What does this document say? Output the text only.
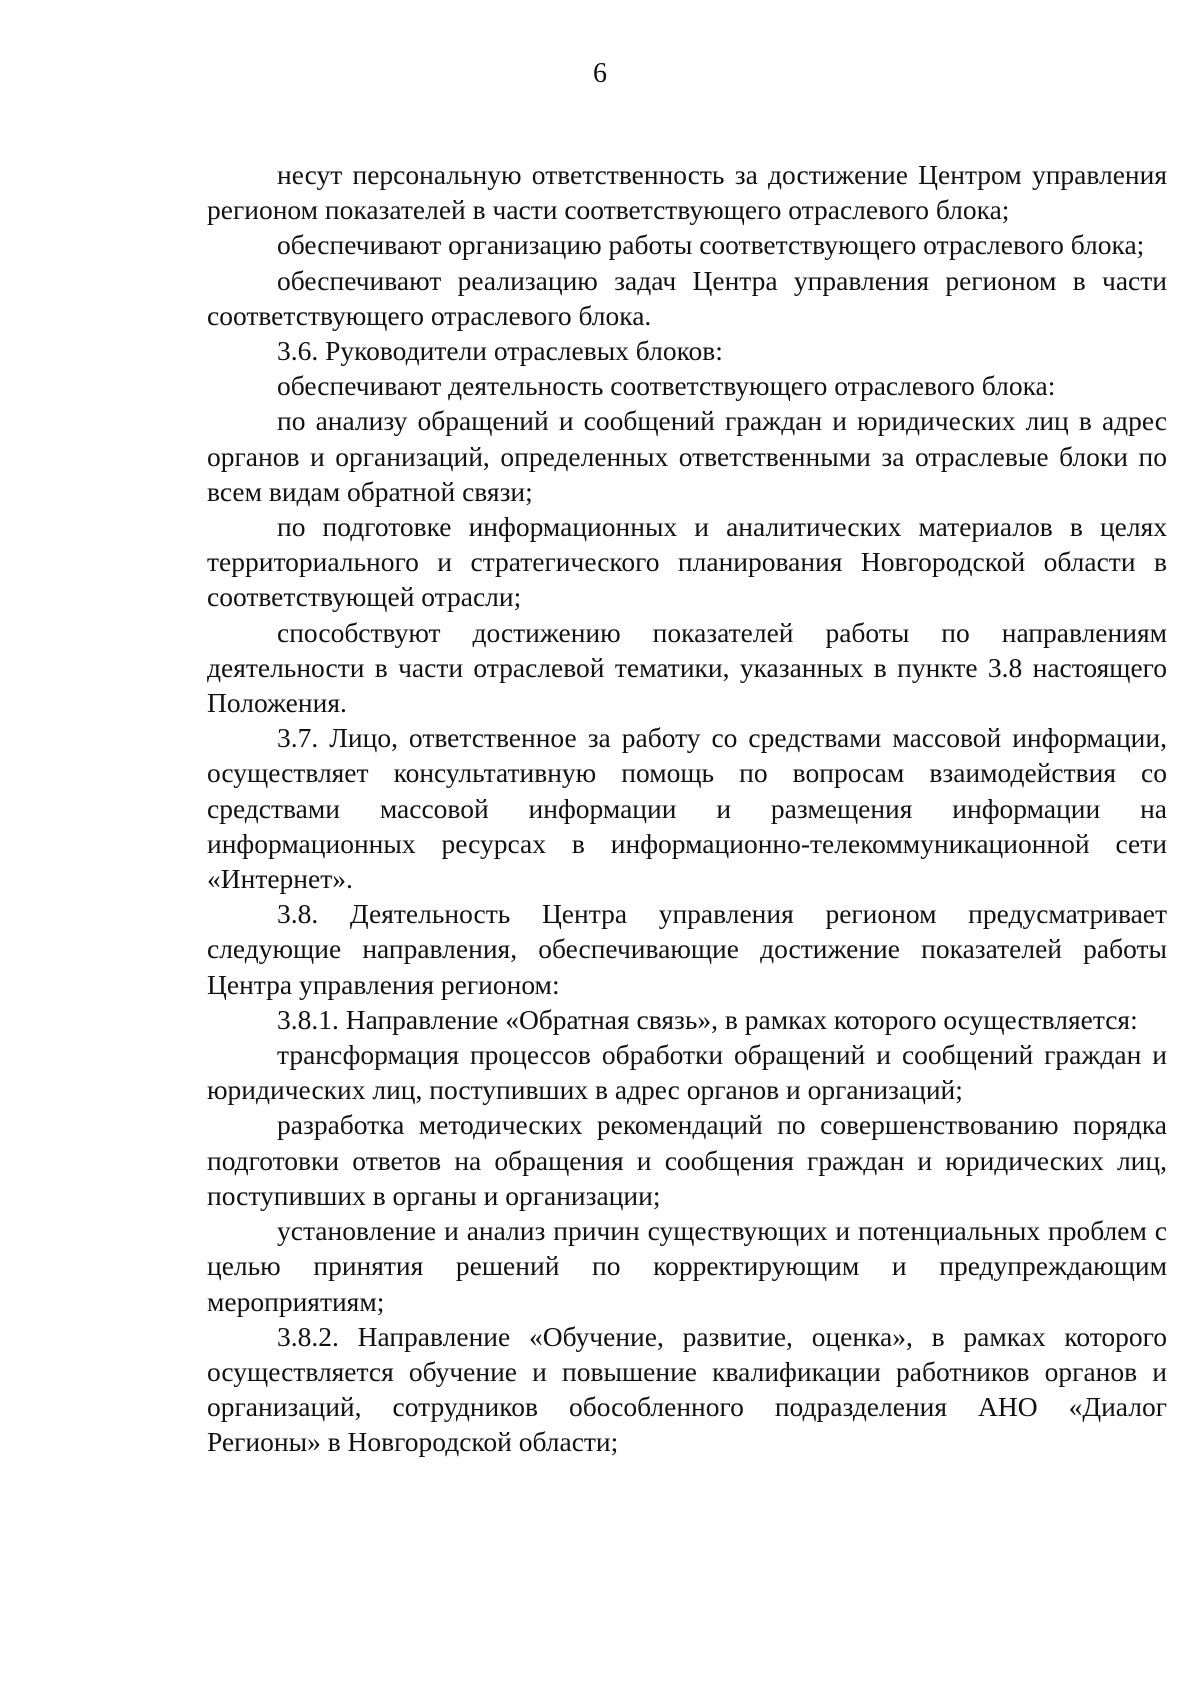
6

несут персональную ответственность за достижение Центром управления регионом показателей в части соответствующего отраслевого блока;

обеспечивают организацию работы соответствующего отраслевого блока;

обеспечивают реализацию задач Центра управления регионом в части соответствующего отраслевого блока.

3.6. Руководители отраслевых блоков:

обеспечивают деятельность соответствующего отраслевого блока:

по анализу обращений и сообщений граждан и юридических лиц в адрес органов и организаций, определенных ответственными за отраслевые блоки по всем видам обратной связи;

по подготовке информационных и аналитических материалов в целях территориального и стратегического планирования Новгородской области в соответствующей отрасли;

способствуют достижению показателей работы по направлениям деятельности в части отраслевой тематики, указанных в пункте 3.8 настоящего Положения.

3.7. Лицо, ответственное за работу со средствами массовой информации, осуществляет консультативную помощь по вопросам взаимодействия со средствами массовой информации и размещения информации на информационных ресурсах в информационно-телекоммуникационной сети «Интернет».

3.8. Деятельность Центра управления регионом предусматривает следующие направления, обеспечивающие достижение показателей работы Центра управления регионом:

3.8.1. Направление «Обратная связь», в рамках которого осуществляется:

трансформация процессов обработки обращений и сообщений граждан и юридических лиц, поступивших в адрес органов и организаций;

разработка методических рекомендаций по совершенствованию порядка подготовки ответов на обращения и сообщения граждан и юридических лиц, поступивших в органы и организации;

установление и анализ причин существующих и потенциальных проблем с целью принятия решений по корректирующим и предупреждающим мероприятиям;

3.8.2. Направление «Обучение, развитие, оценка», в рамках которого осуществляется обучение и повышение квалификации работников органов и организаций, сотрудников обособленного подразделения АНО «Диалог Регионы» в Новгородской области;
